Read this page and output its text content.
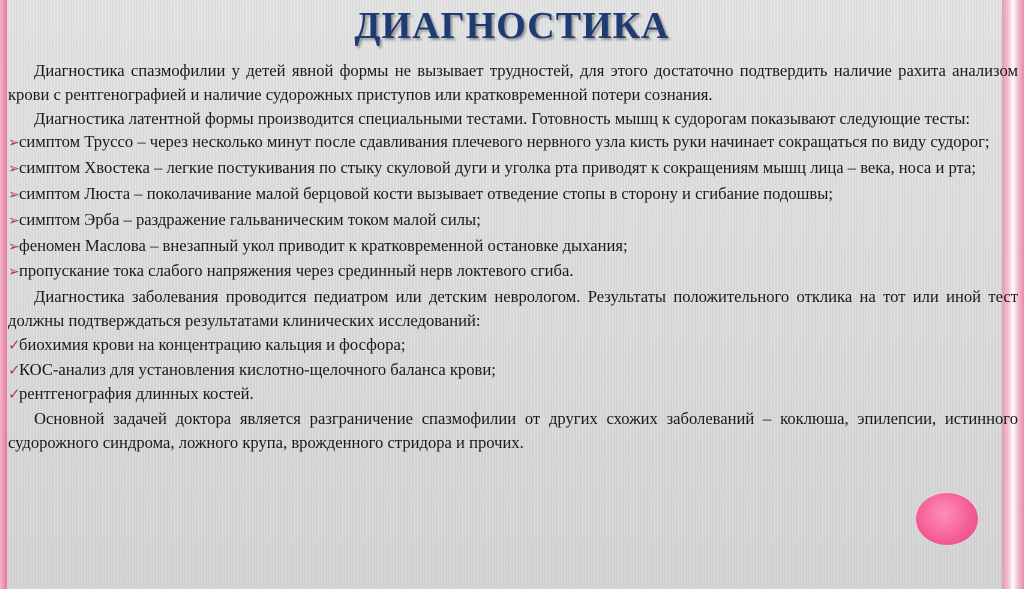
ДИАГНОСТИКА

Диагностика спазмофилии у детей явной формы не вызывает трудностей, для этого достаточно подтвердить наличие рахита анализом крови с рентгенографией и наличие судорожных приступов или кратковременной потери сознания.

Диагностика латентной формы производится специальными тестами. Готовность мышц к судорогам показывают следующие тесты:

➢симптом Труссо – через несколько минут после сдавливания плечевого нервного узла кисть руки начинает сокращаться по виду судорог;
➢симптом Хвостека – легкие постукивания по стыку скуловой дуги и уголка рта приводят к сокращениям мышц лица – века, носа и рта;
➢симптом Люста – поколачивание малой берцовой кости вызывает отведение стопы в сторону и сгибание подошвы;
➢симптом Эрба – раздражение гальваническим током малой силы;
➢феномен Маслова – внезапный укол приводит к кратковременной остановке дыхания;
➢пропускание тока слабого напряжения через срединный нерв локтевого сгиба.

Диагностика заболевания проводится педиатром или детским неврологом. Результаты положительного отклика на тот или иной тест должны подтверждаться результатами клинических исследований:

✓биохимия крови на концентрацию кальция и фосфора;
✓КОС-анализ для установления кислотно-щелочного баланса крови;
✓рентгенография длинных костей.

Основной задачей доктора является разграничение спазмофилии от других схожих заболеваний – коклюша, эпилепсии, истинного судорожного синдрома, ложного крупа, врожденного стридора и прочих.
